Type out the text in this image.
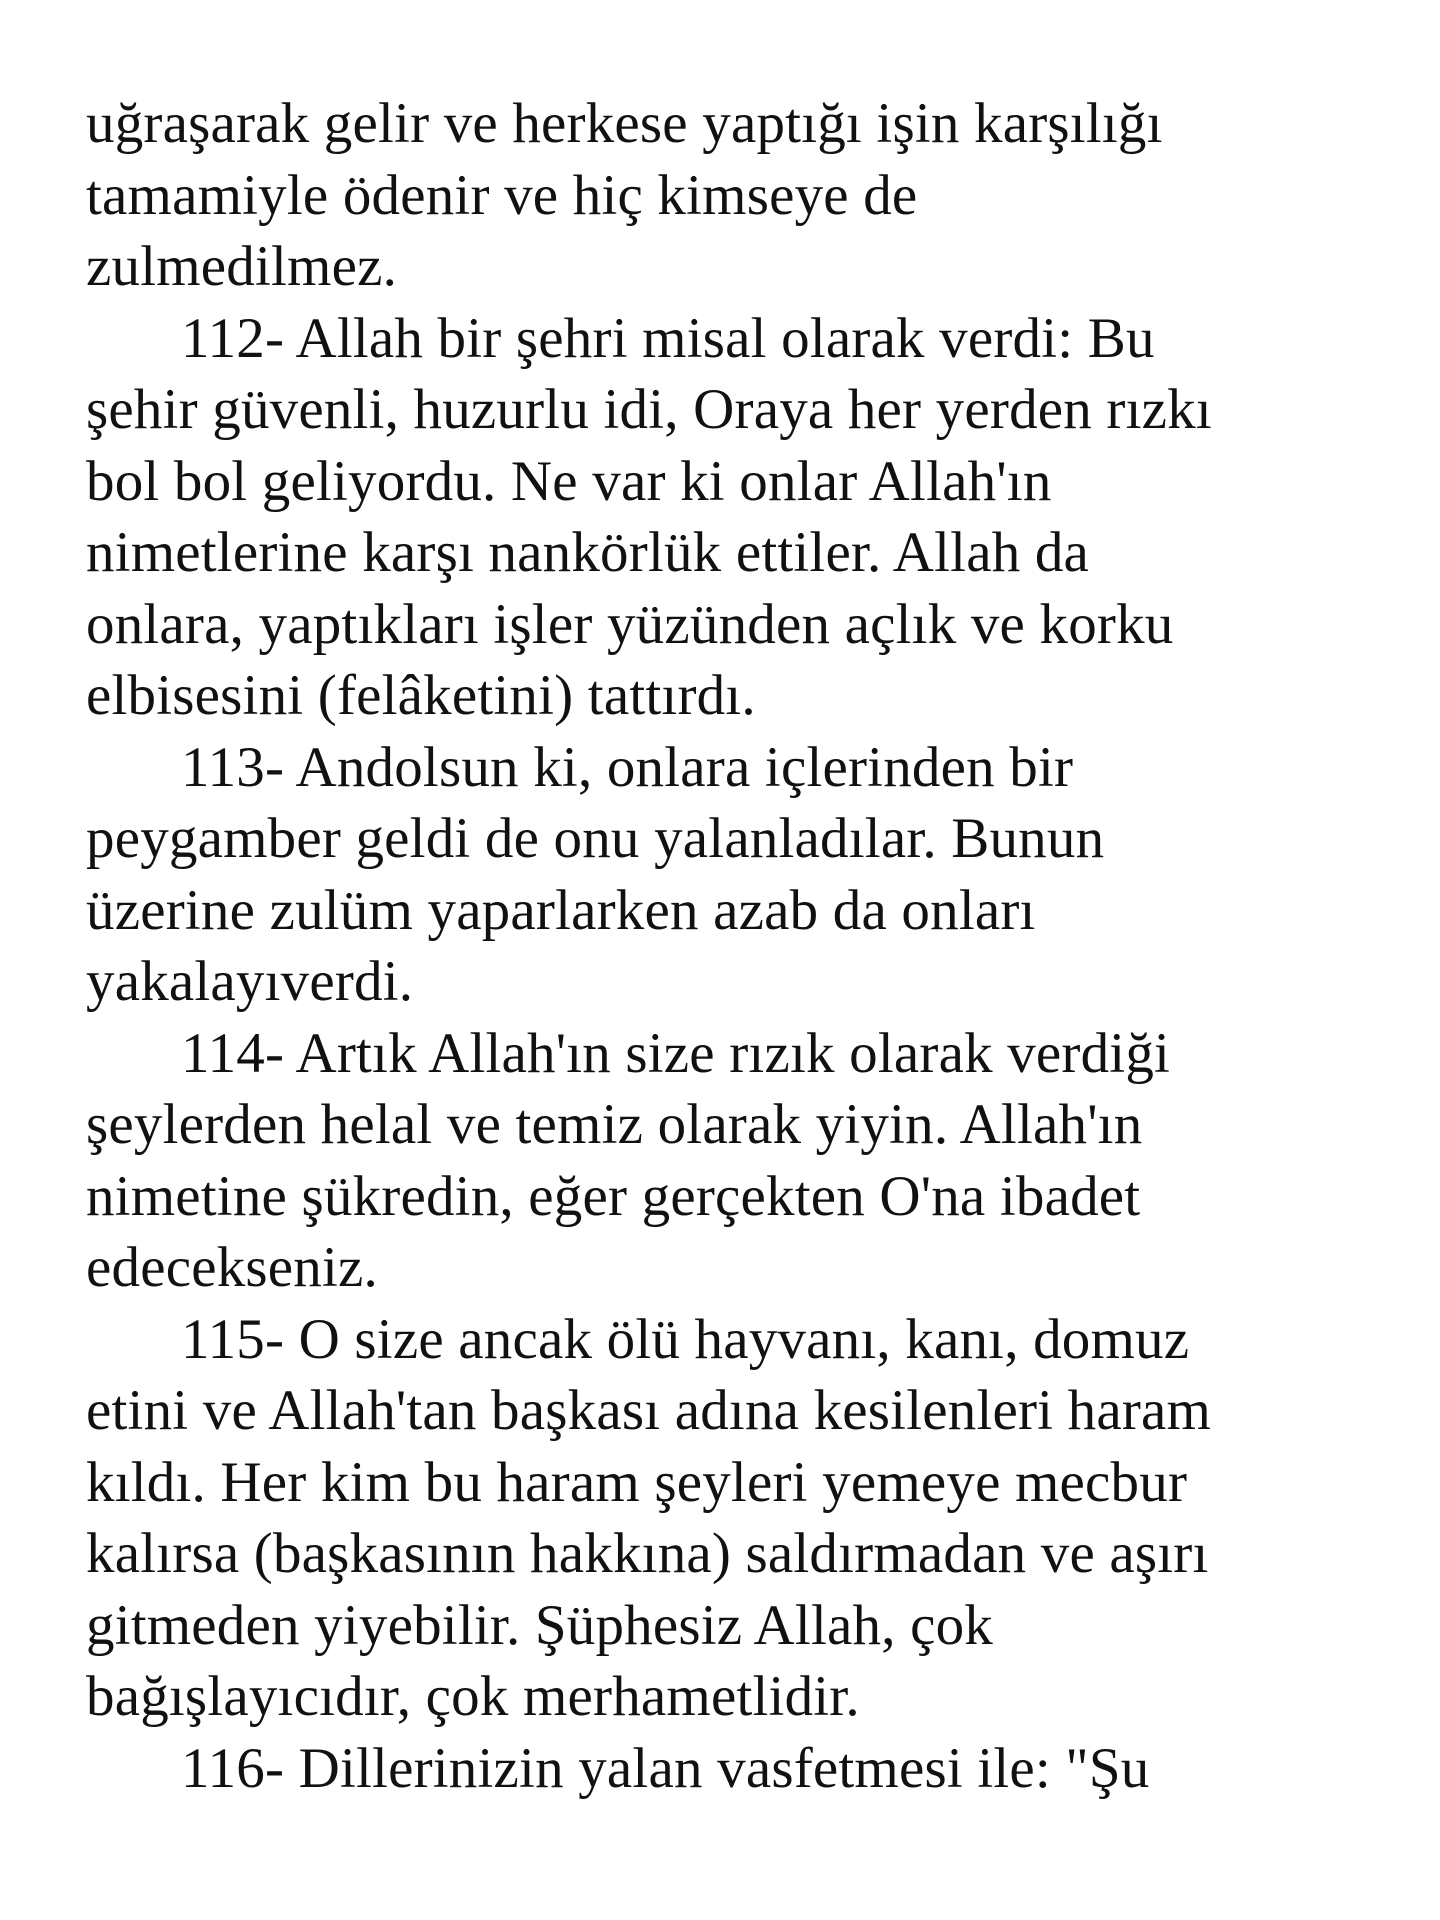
uğraşarak gelir ve herkese yaptığı işin karşılığı
tamamiyle ödenir ve hiç kimseye de
zulmedilmez.
112- Allah bir şehri misal olarak verdi: Bu
şehir güvenli, huzurlu idi, Oraya her yerden rızkı
bol bol geliyordu. Ne var ki onlar Allah'ın
nimetlerine karşı nankörlük ettiler. Allah da
onlara, yaptıkları işler yüzünden açlık ve korku
elbisesini (felâketini) tattırdı.
113- Andolsun ki, onlara içlerinden bir
peygamber geldi de onu yalanladılar. Bunun
üzerine zulüm yaparlarken azab da onları
yakalayıverdi.
114- Artık Allah'ın size rızık olarak verdiği
şeylerden helal ve temiz olarak yiyin. Allah'ın
nimetine şükredin, eğer gerçekten O'na ibadet
edecekseniz.
115- O size ancak ölü hayvanı, kanı, domuz
etini ve Allah'tan başkası adına kesilenleri haram
kıldı. Her kim bu haram şeyleri yemeye mecbur
kalırsa (başkasının hakkına) saldırmadan ve aşırı
gitmeden yiyebilir. Şüphesiz Allah, çok
bağışlayıcıdır, çok merhametlidir.
116- Dillerinizin yalan vasfetmesi ile: "Şu
